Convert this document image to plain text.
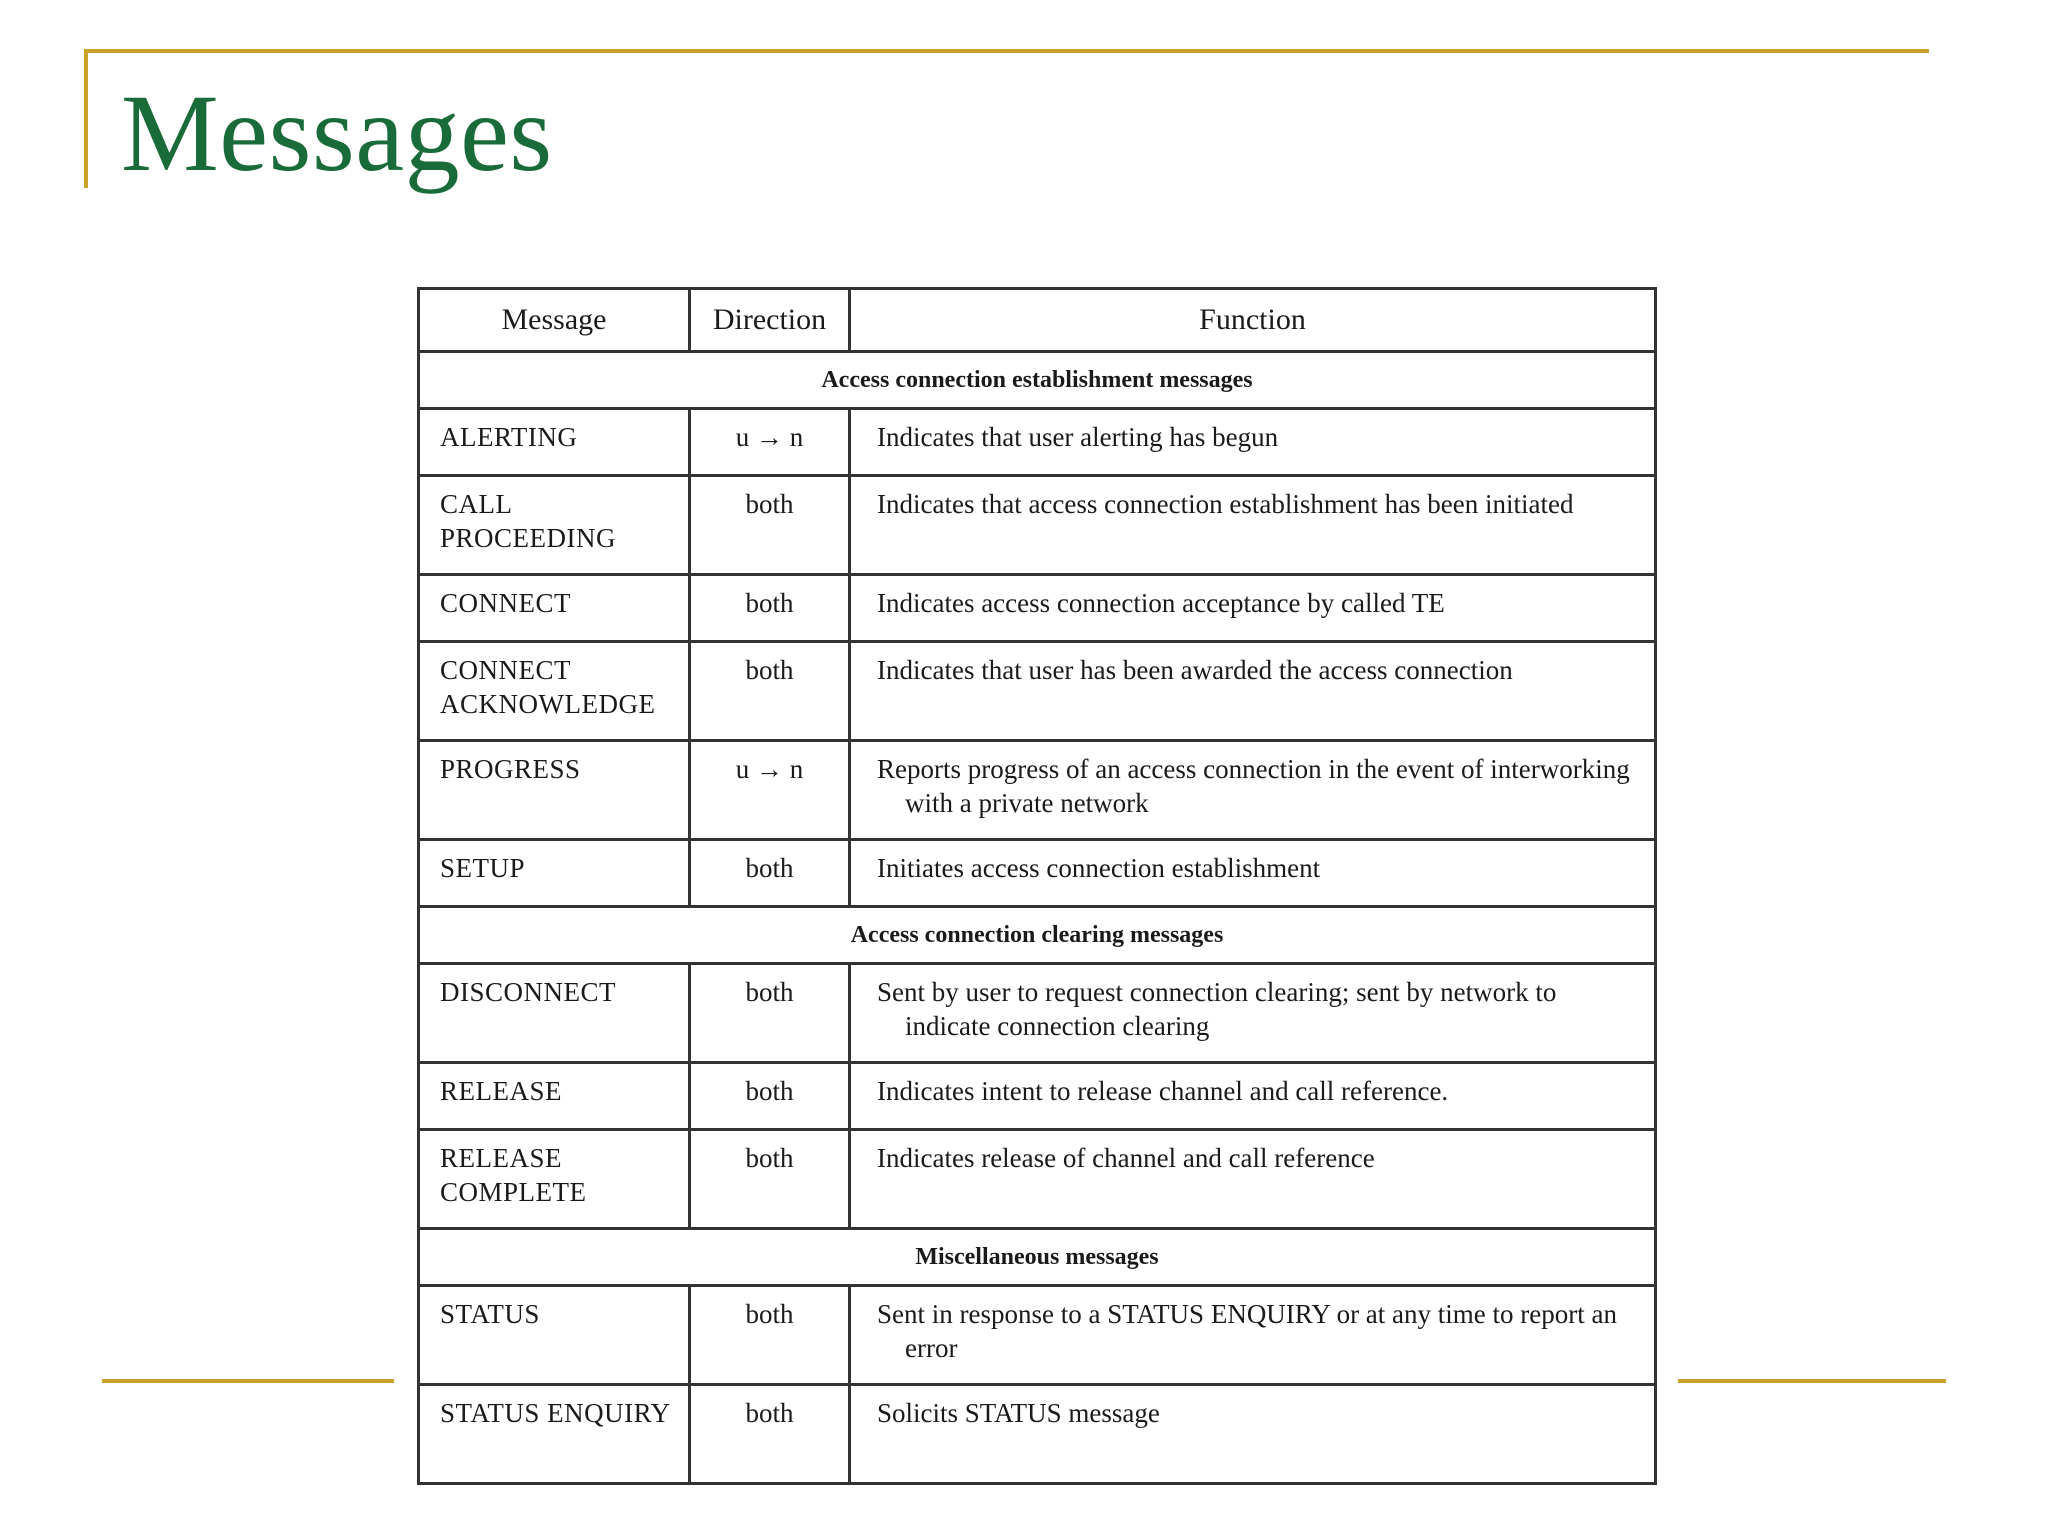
Messages
Message	Direction	Function
Access connection establishment messages		
ALERTING	u → n	Indicates that user alerting has begun

CALL PROCEEDING	both	Indicates that access connection establishment has been initiated

CONNECT	both	Indicates access connection acceptance by called TE

CONNECT ACKNOWLEDGE	both	Indicates that user has been awarded the access connection

PROGRESS	u → n	Reports progress of an access connection in the event of interworking with a private network

SETUP	both	Initiates access connection establishment

Access connection clearing messages		
DISCONNECT	both	Sent by user to request connection clearing; sent by network to indicate connection clearing

RELEASE	both	Indicates intent to release channel and call reference.

RELEASE COMPLETE	both	Indicates release of channel and call reference

Miscellaneous messages		
STATUS	both	Sent in response to a STATUS ENQUIRY or at any time to report an error

STATUS ENQUIRY	both	Solicits STATUS message
